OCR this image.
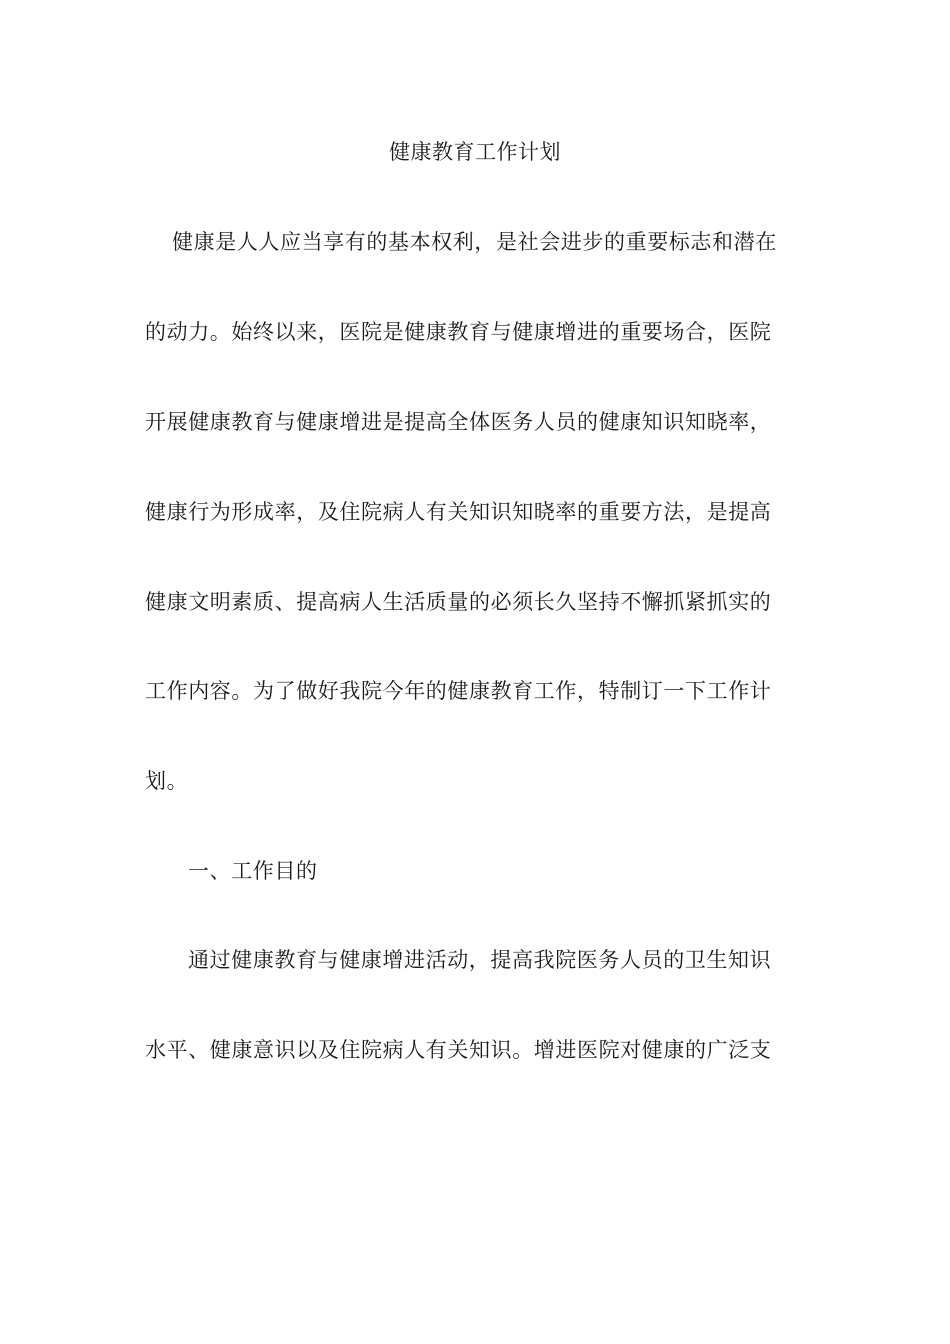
健康教育工作计划
健康是人人应当享有的基本权利，是社会进步的重要标志和潜在
的动力。始终以来，医院是健康教育与健康增进的重要场合，医院
开展健康教育与健康增进是提高全体医务人员的健康知识知晓率，
健康行为形成率，及住院病人有关知识知晓率的重要方法，是提高
健康文明素质、提高病人生活质量的必须长久坚持不懈抓紧抓实的
工作内容。为了做好我院今年的健康教育工作，特制订一下工作计
划。
一、工作目的
通过健康教育与健康增进活动，提高我院医务人员的卫生知识
水平、健康意识以及住院病人有关知识。增进医院对健康的广泛支
